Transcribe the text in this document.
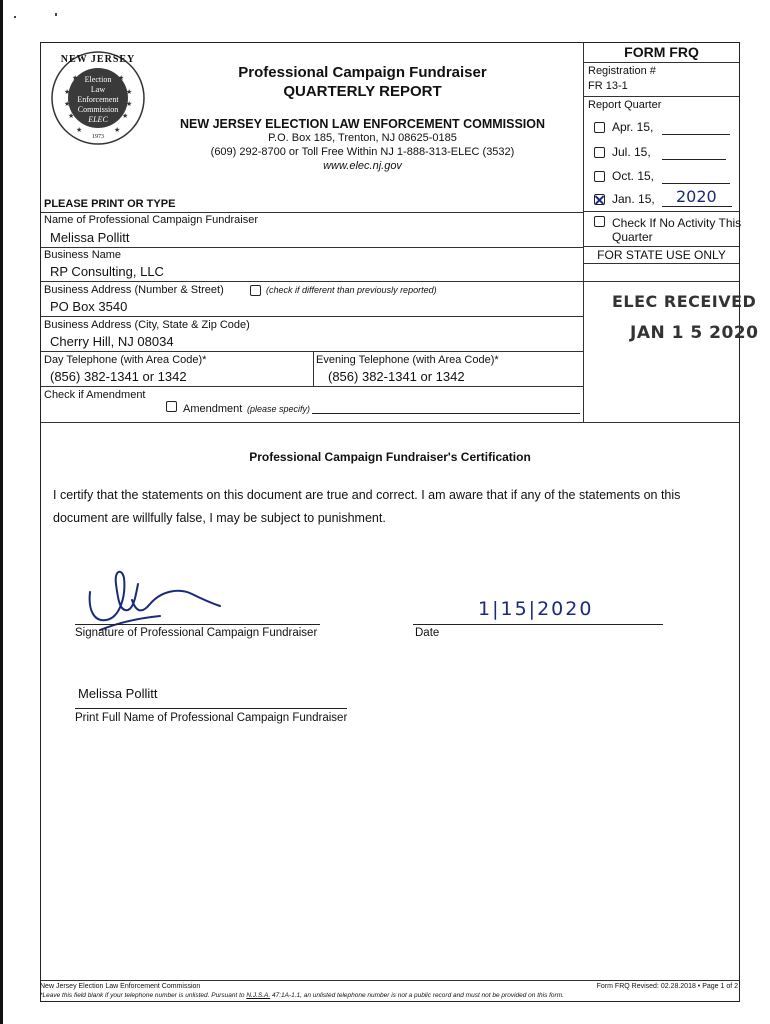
★
★
★
★
★
★
★	★
★	★
NEW JERSEY
Election
Law
Enforcement
Commission
ELEC
1973
Professional Campaign Fundraiser
QUARTERLY REPORT
NEW JERSEY ELECTION LAW ENFORCEMENT COMMISSION
P.O. Box 185, Trenton, NJ 08625-0185
(609) 292-8700 or Toll Free Within NJ 1-888-313-ELEC (3532)
www.elec.nj.gov
PLEASE PRINT OR TYPE
FORM FRQ
Registration #
FR 13-1
Report Quarter
Apr. 15,
Jul. 15,
Oct. 15,
Jan. 15, 2020
Check If No Activity This
Quarter
FOR STATE USE ONLY
ELEC RECEIVED
JAN 1 5 2020
Name of Professional Campaign Fundraiser
Melissa Pollitt
Business Name
RP Consulting, LLC
Business Address (Number & Street)	(check if different than previously reported)
PO Box 3540
Business Address (City, State & Zip Code)
Cherry Hill, NJ 08034
Day Telephone (with Area Code)*
(856) 382-1341 or 1342
Evening Telephone (with Area Code)*
(856) 382-1341 or 1342
Check if Amendment
Amendment (please specify)
Professional Campaign Fundraiser's Certification
I certify that the statements on this document are true and correct. I am aware that if any of the statements on this
document are willfully false, I may be subject to punishment.
Signature of Professional Campaign Fundraiser
1|15|2020
Date
Melissa Pollitt
Print Full Name of Professional Campaign Fundraiser
New Jersey Election Law Enforcement Commission	Form FRQ Revised: 02.28.2018 • Page 1 of 2
*Leave this field blank if your telephone number is unlisted. Pursuant to N.J.S.A. 47:1A-1.1, an unlisted telephone number is not a public record and must not be provided on this form.
